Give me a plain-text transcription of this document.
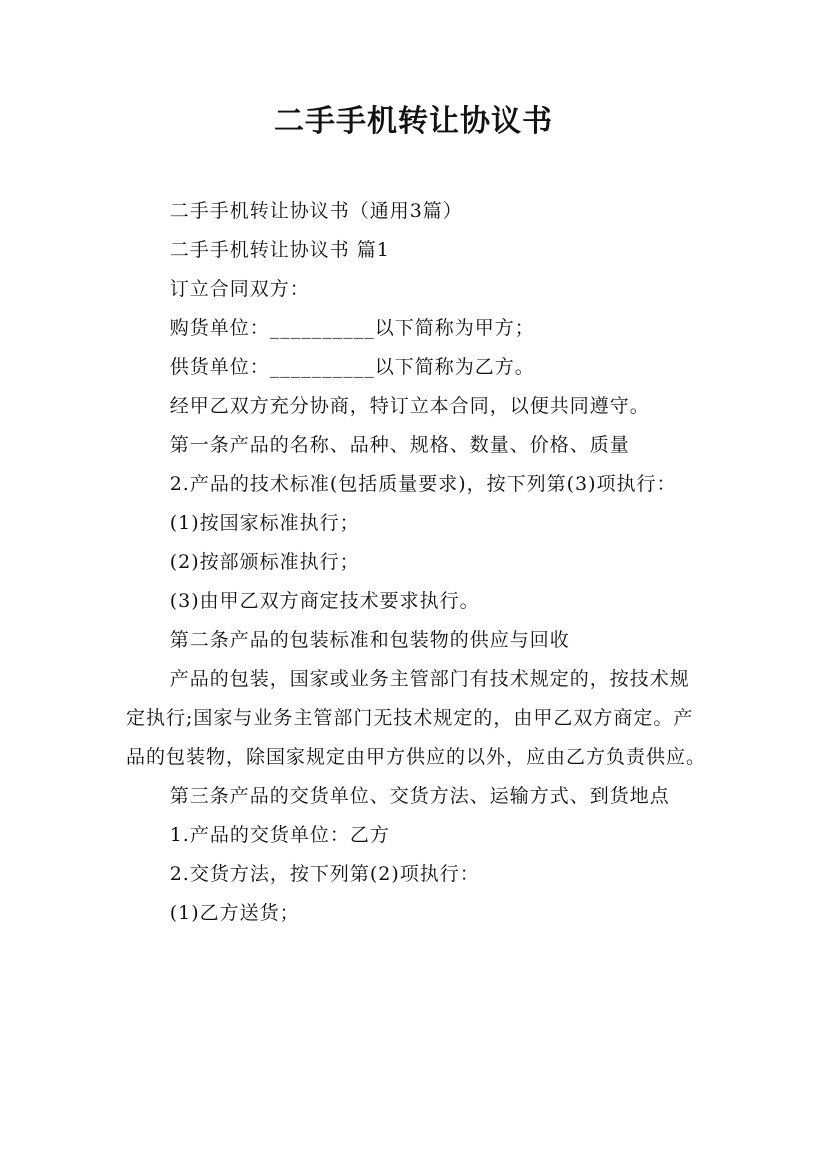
二手手机转让协议书

二手手机转让协议书（通用3篇）

二手手机转让协议书 篇1

订立合同双方：

购货单位：__________以下简称为甲方；

供货单位：__________以下简称为乙方。

经甲乙双方充分协商，特订立本合同，以便共同遵守。

第一条产品的名称、品种、规格、数量、价格、质量

2.产品的技术标准(包括质量要求)，按下列第(3)项执行：

(1)按国家标准执行；

(2)按部颁标准执行；

(3)由甲乙双方商定技术要求执行。

第二条产品的包装标准和包装物的供应与回收

产品的包装，国家或业务主管部门有技术规定的，按技术规定执行;国家与业务主管部门无技术规定的，由甲乙双方商定。产品的包装物，除国家规定由甲方供应的以外，应由乙方负责供应。

第三条产品的交货单位、交货方法、运输方式、到货地点

1.产品的交货单位：乙方

2.交货方法，按下列第(2)项执行：

(1)乙方送货；
